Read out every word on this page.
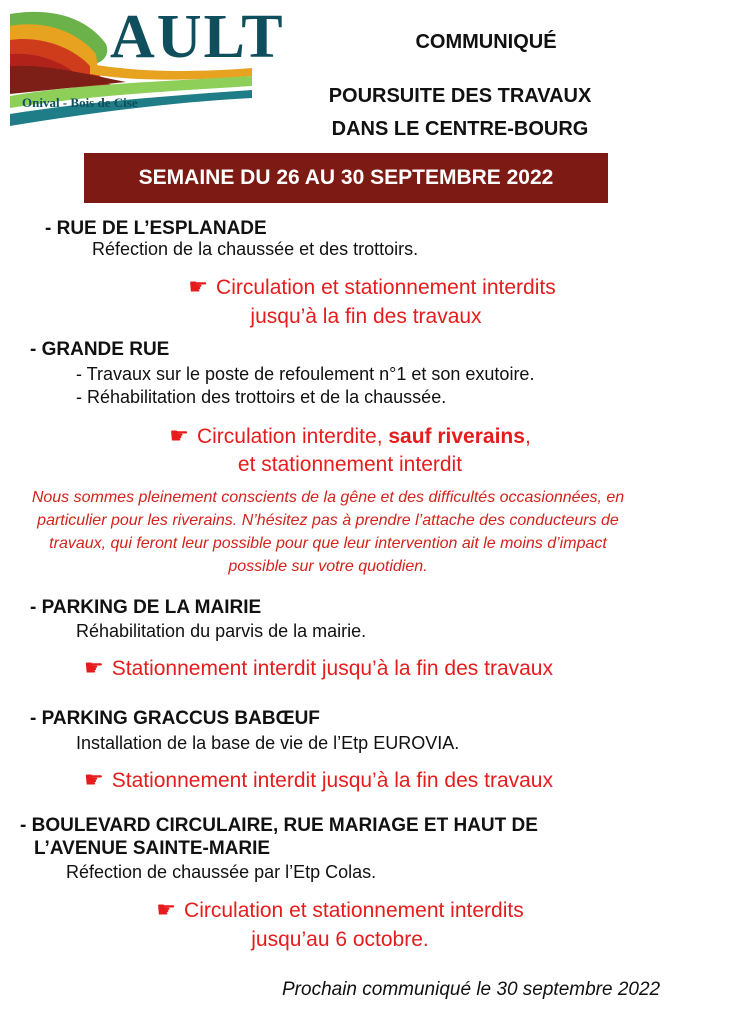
AULT
Onival - Bois de Cise
COMMUNIQUÉ
POURSUITE DES TRAVAUX
DANS LE CENTRE-BOURG
SEMAINE DU 26 AU 30 SEPTEMBRE 2022
- RUE DE L’ESPLANADE
Réfection de la chaussée et des trottoirs.
☛ Circulation et stationnement interdits
jusqu’à la fin des travaux
- GRANDE RUE
- Travaux sur le poste de refoulement n°1 et son exutoire.
- Réhabilitation des trottoirs et de la chaussée.
☛ Circulation interdite, sauf riverains,
et stationnement interdit
Nous sommes pleinement conscients de la gêne et des difficultés occasionnées, en particulier pour les riverains. N’hésitez pas à prendre l’attache des conducteurs de travaux, qui feront leur possible pour que leur intervention ait le moins d’impact possible sur votre quotidien.
- PARKING DE LA MAIRIE
Réhabilitation du parvis de la mairie.
☛ Stationnement interdit jusqu’à la fin des travaux
- PARKING GRACCUS BABŒUF
Installation de la base de vie de l’Etp EUROVIA.
☛ Stationnement interdit jusqu’à la fin des travaux
- BOULEVARD CIRCULAIRE, RUE MARIAGE ET HAUT DE
L’AVENUE SAINTE-MARIE
Réfection de chaussée par l’Etp Colas.
☛ Circulation et stationnement interdits
jusqu’au 6 octobre.
Prochain communiqué le 30 septembre 2022
